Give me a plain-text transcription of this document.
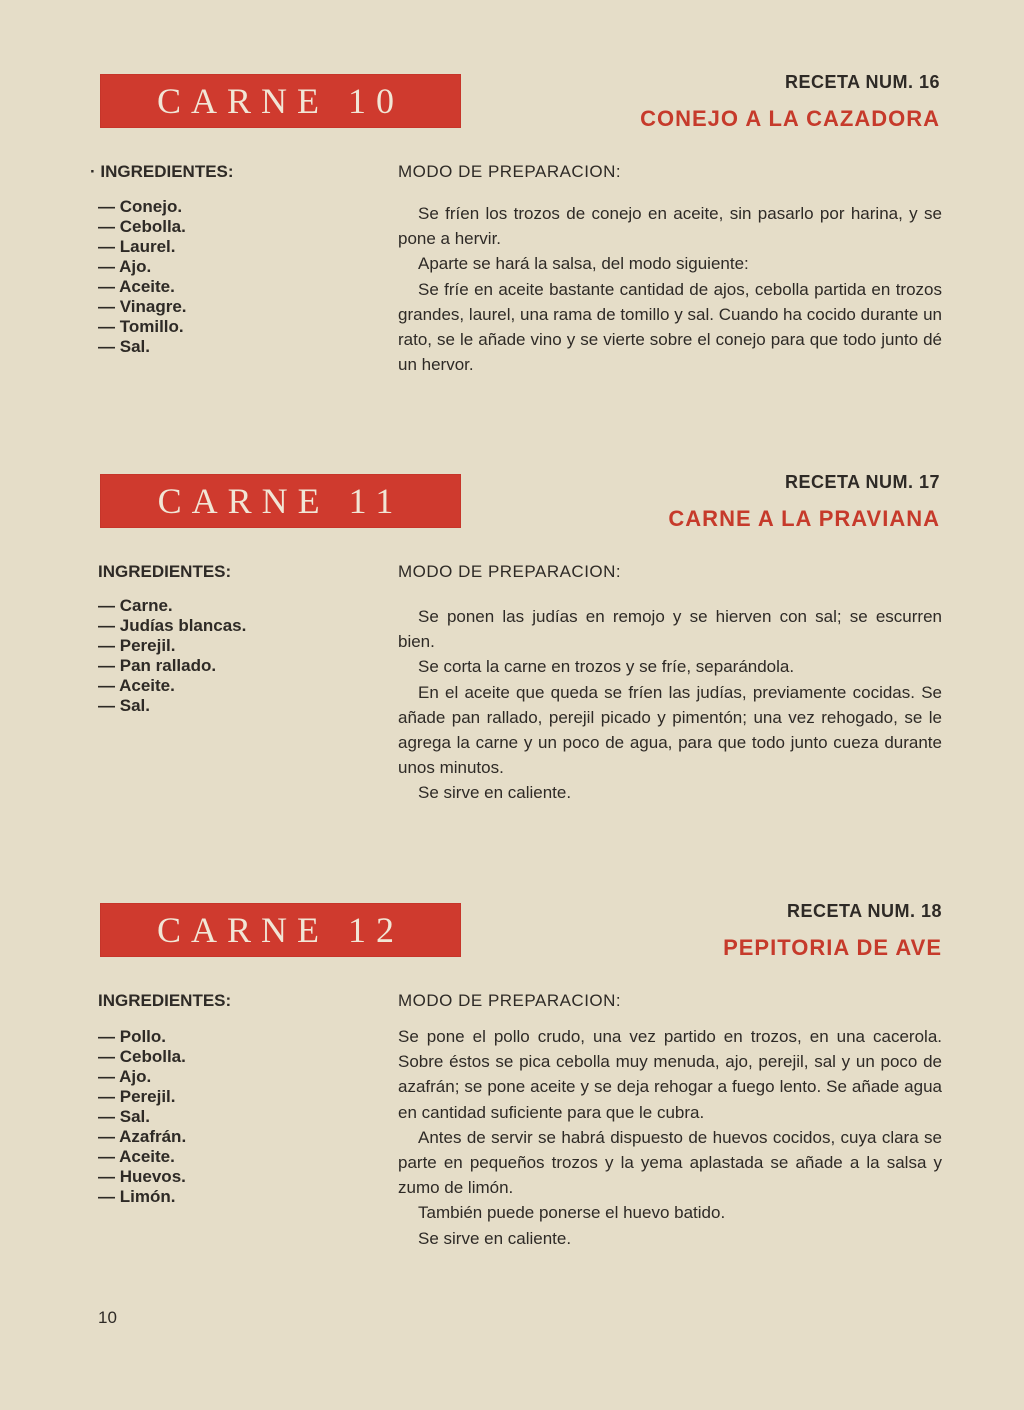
CARNE 10	RECETA NUM. 16
CONEJO A LA CAZADORA
· INGREDIENTES:
— Conejo.
— Cebolla.
— Laurel.
— Ajo.
— Aceite.
— Vinagre.
— Tomillo.
— Sal.
MODO DE PREPARACION:

Se fríen los trozos de conejo en aceite, sin pasarlo por harina, y se pone a hervir.

Aparte se hará la salsa, del modo siguiente:

Se fríe en aceite bastante cantidad de ajos, cebolla partida en trozos grandes, laurel, una rama de tomillo y sal. Cuando ha cocido durante un rato, se le añade vino y se vierte sobre el conejo para que todo junto dé un hervor.

CARNE 11	RECETA NUM. 17
CARNE A LA PRAVIANA
INGREDIENTES:
— Carne.
— Judías blancas.
— Perejil.
— Pan rallado.
— Aceite.
— Sal.
MODO DE PREPARACION:

Se ponen las judías en remojo y se hierven con sal; se escurren bien.

Se corta la carne en trozos y se fríe, separándola.

En el aceite que queda se fríen las judías, previamente cocidas. Se añade pan rallado, perejil picado y pimentón; una vez rehogado, se le agrega la carne y un poco de agua, para que todo junto cueza durante unos minutos.

Se sirve en caliente.

CARNE 12	RECETA NUM. 18
PEPITORIA DE AVE
INGREDIENTES:
— Pollo.
— Cebolla.
— Ajo.
— Perejil.
— Sal.
— Azafrán.
— Aceite.
— Huevos.
— Limón.
MODO DE PREPARACION:

Se pone el pollo crudo, una vez partido en trozos, en una cacerola. Sobre éstos se pica cebolla muy menuda, ajo, perejil, sal y un poco de azafrán; se pone aceite y se deja rehogar a fuego lento. Se añade agua en cantidad suficiente para que le cubra.

Antes de servir se habrá dispuesto de huevos cocidos, cuya clara se parte en pequeños trozos y la yema aplastada se añade a la salsa y zumo de limón.

También puede ponerse el huevo batido.

Se sirve en caliente.

10
